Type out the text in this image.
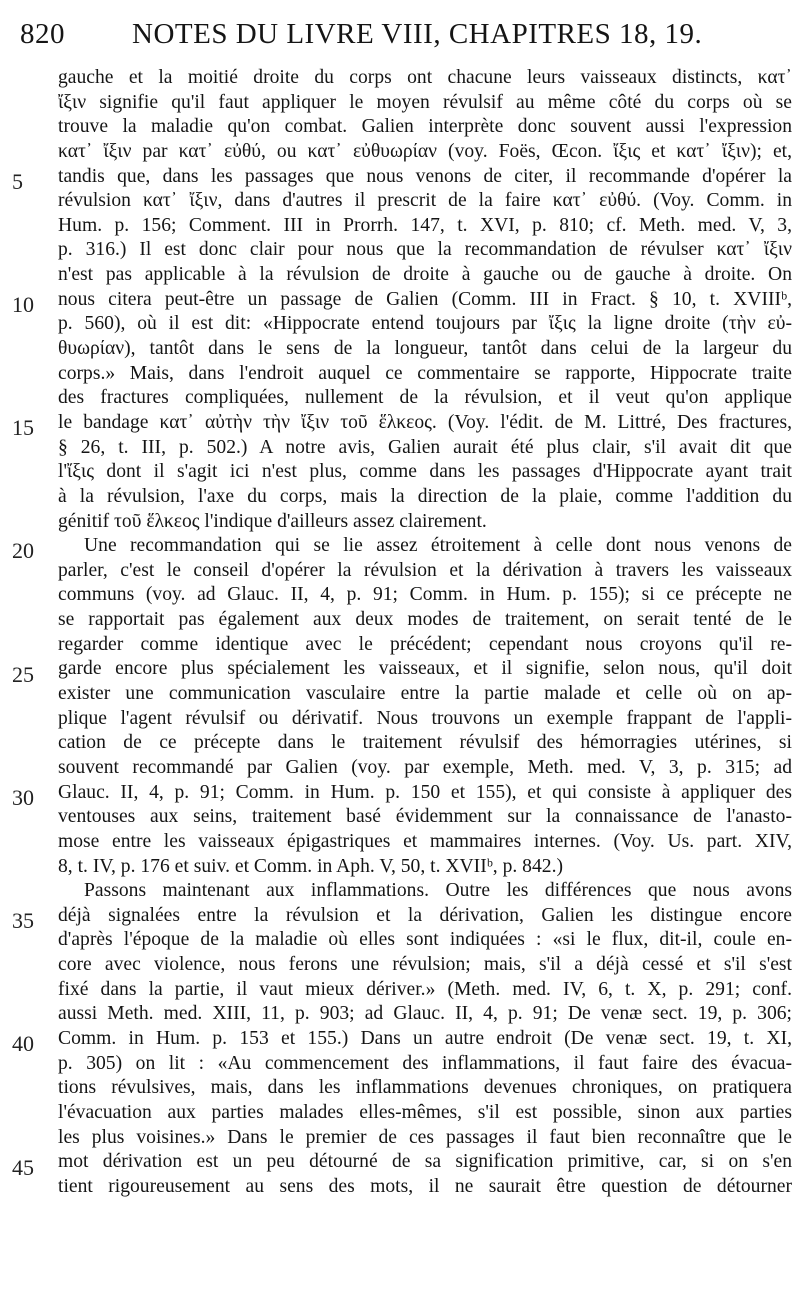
820 NOTES DU LIVRE VIII, CHAPITRES 18, 19.
gauche et la moitié droite du corps ont chacune leurs vaisseaux distincts, κατ᾽
ἴξιν signifie qu'il faut appliquer le moyen révulsif au même côté du corps où se
trouve la maladie qu'on combat. Galien interprète donc souvent aussi l'expression
κατ᾽ ἴξιν par κατ᾽ εὐθύ, ou κατ᾽ εὐθυωρίαν (voy. Foës, Œcon. ἴξις et κατ᾽ ἴξιν); et,
tandis que, dans les passages que nous venons de citer, il recommande d'opérer la
révulsion κατ᾽ ἴξιν, dans d'autres il prescrit de la faire κατ᾽ εὐθύ. (Voy. Comm. in
Hum. p. 156; Comment. III in Prorrh. 147, t. XVI, p. 810; cf. Meth. med. V, 3,
p. 316.) Il est donc clair pour nous que la recommandation de révulser κατ᾽ ἴξιν
n'est pas applicable à la révulsion de droite à gauche ou de gauche à droite. On
nous citera peut-être un passage de Galien (Comm. III in Fract. § 10, t. XVIIIᵇ,
p. 560), où il est dit: «Hippocrate entend toujours par ἴξις la ligne droite (τὴν εὐ-
θυωρίαν), tantôt dans le sens de la longueur, tantôt dans celui de la largeur du
corps.» Mais, dans l'endroit auquel ce commentaire se rapporte, Hippocrate traite
des fractures compliquées, nullement de la révulsion, et il veut qu'on applique
le bandage κατ᾽ αὐτὴν τὴν ἴξιν τοῦ ἕλκεος. (Voy. l'édit. de M. Littré, Des fractures,
§ 26, t. III, p. 502.) A notre avis, Galien aurait été plus clair, s'il avait dit que
l'ἴξις dont il s'agit ici n'est plus, comme dans les passages d'Hippocrate ayant trait
à la révulsion, l'axe du corps, mais la direction de la plaie, comme l'addition du
génitif τοῦ ἕλκεος l'indique d'ailleurs assez clairement.
Une recommandation qui se lie assez étroitement à celle dont nous venons de
parler, c'est le conseil d'opérer la révulsion et la dérivation à travers les vaisseaux
communs (voy. ad Glauc. II, 4, p. 91; Comm. in Hum. p. 155); si ce précepte ne
se rapportait pas également aux deux modes de traitement, on serait tenté de le
regarder comme identique avec le précédent; cependant nous croyons qu'il re-
garde encore plus spécialement les vaisseaux, et il signifie, selon nous, qu'il doit
exister une communication vasculaire entre la partie malade et celle où on ap-
plique l'agent révulsif ou dérivatif. Nous trouvons un exemple frappant de l'appli-
cation de ce précepte dans le traitement révulsif des hémorragies utérines, si
souvent recommandé par Galien (voy. par exemple, Meth. med. V, 3, p. 315; ad
Glauc. II, 4, p. 91; Comm. in Hum. p. 150 et 155), et qui consiste à appliquer des
ventouses aux seins, traitement basé évidemment sur la connaissance de l'anasto-
mose entre les vaisseaux épigastriques et mammaires internes. (Voy. Us. part. XIV,
8, t. IV, p. 176 et suiv. et Comm. in Aph. V, 50, t. XVIIᵇ, p. 842.)
Passons maintenant aux inflammations. Outre les différences que nous avons
déjà signalées entre la révulsion et la dérivation, Galien les distingue encore
d'après l'époque de la maladie où elles sont indiquées : «si le flux, dit-il, coule en-
core avec violence, nous ferons une révulsion; mais, s'il a déjà cessé et s'il s'est
fixé dans la partie, il vaut mieux dériver.» (Meth. med. IV, 6, t. X, p. 291; conf.
aussi Meth. med. XIII, 11, p. 903; ad Glauc. II, 4, p. 91; De venæ sect. 19, p. 306;
Comm. in Hum. p. 153 et 155.) Dans un autre endroit (De venæ sect. 19, t. XI,
p. 305) on lit : «Au commencement des inflammations, il faut faire des évacua-
tions révulsives, mais, dans les inflammations devenues chroniques, on pratiquera
l'évacuation aux parties malades elles-mêmes, s'il est possible, sinon aux parties
les plus voisines.» Dans le premier de ces passages il faut bien reconnaître que le
mot dérivation est un peu détourné de sa signification primitive, car, si on s'en
tient rigoureusement au sens des mots, il ne saurait être question de détourner
5
10
15
20
25
30
35
40
45
